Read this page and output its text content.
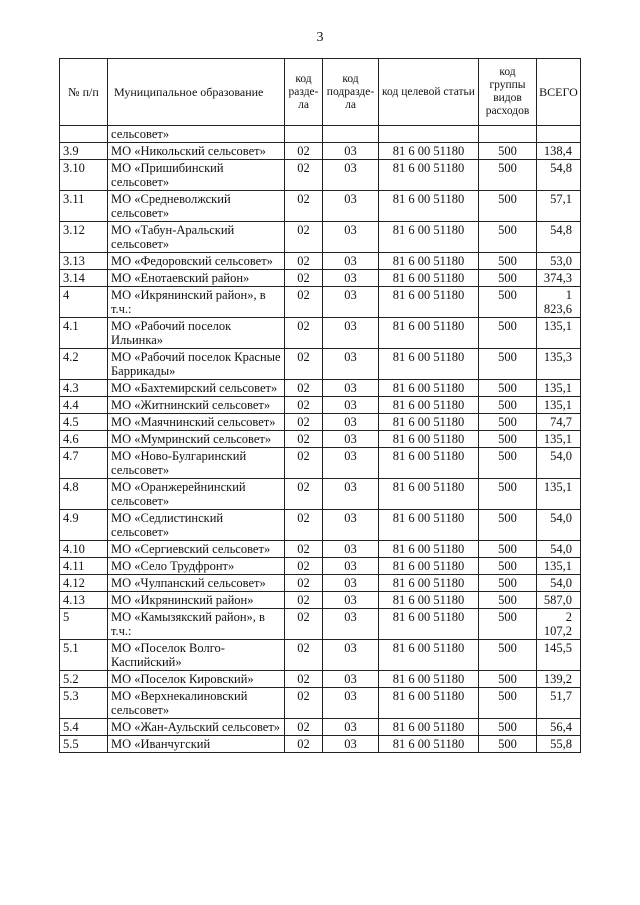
3
№ п/п	Муниципальное образование	код разде-ла	код подразде-ла	код целевой статьи	код группы видов расходов	ВСЕГО
	сельсовет»					
3.9	МО «Никольский сельсовет»	02	03	81 6 00 51180	500	138,4
3.10	МО «Пришибинский сельсовет»	02	03	81 6 00 51180	500	54,8
3.11	МО «Средневолжский сельсовет»	02	03	81 6 00 51180	500	57,1
3.12	МО «Табун-Аральский сельсовет»	02	03	81 6 00 51180	500	54,8
3.13	МО «Федоровский сельсовет»	02	03	81 6 00 51180	500	53,0
3.14	МО «Енотаевский район»	02	03	81 6 00 51180	500	374,3
4	МО «Икрянинский район», в т.ч.:	02	03	81 6 00 51180	500	1 823,6
4.1	МО «Рабочий поселок Ильинка»	02	03	81 6 00 51180	500	135,1
4.2	МО «Рабочий поселок Красные Баррикады»	02	03	81 6 00 51180	500	135,3
4.3	МО «Бахтемирский сельсовет»	02	03	81 6 00 51180	500	135,1
4.4	МО «Житнинский сельсовет»	02	03	81 6 00 51180	500	135,1
4.5	МО «Маячнинский сельсовет»	02	03	81 6 00 51180	500	74,7
4.6	МО «Мумринский сельсовет»	02	03	81 6 00 51180	500	135,1
4.7	МО «Ново-Булгаринский сельсовет»	02	03	81 6 00 51180	500	54,0
4.8	МО «Оранжерейнинский сельсовет»	02	03	81 6 00 51180	500	135,1
4.9	МО «Седлистинский сельсовет»	02	03	81 6 00 51180	500	54,0
4.10	МО «Сергиевский сельсовет»	02	03	81 6 00 51180	500	54,0
4.11	МО «Село Трудфронт»	02	03	81 6 00 51180	500	135,1
4.12	МО «Чулпанский сельсовет»	02	03	81 6 00 51180	500	54,0
4.13	МО «Икрянинский район»	02	03	81 6 00 51180	500	587,0
5	МО «Камызякский район», в т.ч.:	02	03	81 6 00 51180	500	2 107,2
5.1	МО «Поселок Волго-Каспийский»	02	03	81 6 00 51180	500	145,5
5.2	МО «Поселок Кировский»	02	03	81 6 00 51180	500	139,2
5.3	МО «Верхнекалиновский сельсовет»	02	03	81 6 00 51180	500	51,7
5.4	МО «Жан-Аульский сельсовет»	02	03	81 6 00 51180	500	56,4
5.5	МО «Иванчугский	02	03	81 6 00 51180	500	55,8
